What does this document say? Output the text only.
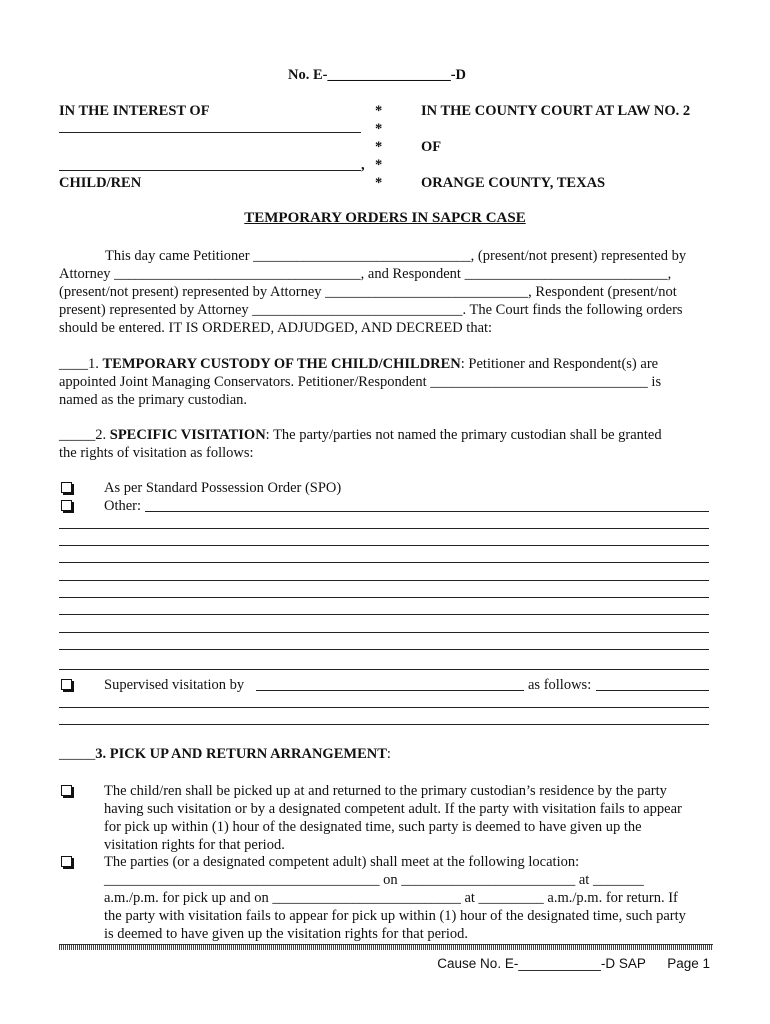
No. E-_________________-D
IN THE INTEREST OF
,
CHILD/REN
*
*
*
*
*
IN THE COUNTY COURT AT LAW NO. 2
OF
ORANGE COUNTY, TEXAS
TEMPORARY ORDERS IN SAPCR CASE
This day came Petitioner ______________________________, (present/not present) represented by
Attorney __________________________________, and Respondent ____________________________,
(present/not present) represented by Attorney ____________________________, Respondent (present/not
present) represented by Attorney _____________________________. The Court finds the following orders
should be entered. IT IS ORDERED, ADJUDGED, AND DECREED that:
____1. TEMPORARY CUSTODY OF THE CHILD/CHILDREN: Petitioner and Respondent(s) are
appointed Joint Managing Conservators. Petitioner/Respondent ______________________________ is
named as the primary custodian.
_____2. SPECIFIC VISITATION: The party/parties not named the primary custodian shall be granted
the rights of visitation as follows:
As per Standard Possession Order (SPO)
Other:
Supervised visitation by	as follows:
_____3. PICK UP AND RETURN ARRANGEMENT:
The child/ren shall be picked up at and returned to the primary custodian’s residence by the party
having such visitation or by a designated competent adult. If the party with visitation fails to appear
for pick up within (1) hour of the designated time, such party is deemed to have given up the
visitation rights for that period.
The parties (or a designated competent adult) shall meet at the following location:
______________________________________ on ________________________ at _______
a.m./p.m. for pick up and on __________________________ at _________ a.m./p.m. for return. If
the party with visitation fails to appear for pick up within (1) hour of the designated time, such party
is deemed to have given up the visitation rights for that period.
Cause No. E-___________-D SAP Page 1
